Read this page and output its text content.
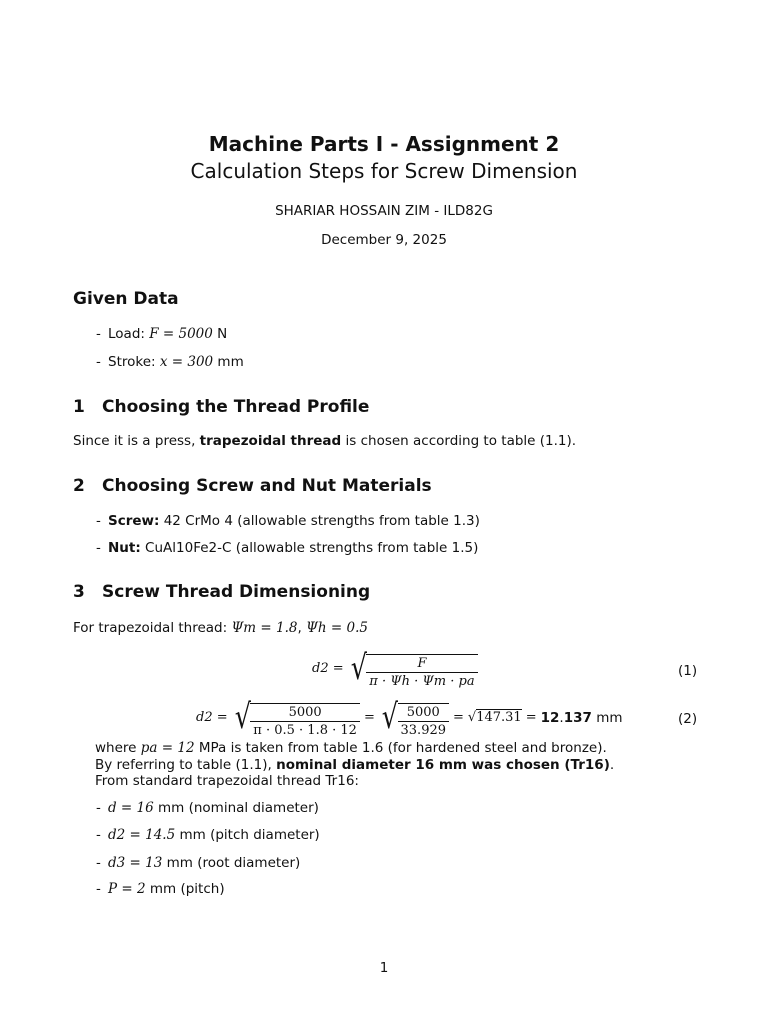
Machine Parts I - Assignment 2
Calculation Steps for Screw Dimension
SHARIAR HOSSAIN ZIM - ILD82G
December 9, 2025
Given Data
- Load: F = 5000 N
- Stroke: x = 300 mm
1 Choosing the Thread Profile
Since it is a press, trapezoidal thread is chosen according to table (1.1).
2 Choosing Screw and Nut Materials
- Screw: 42 CrMo 4 (allowable strengths from table 1.3)
- Nut: CuAl10Fe2-C (allowable strengths from table 1.5)
3 Screw Thread Dimensioning
For trapezoidal thread: Ψm = 1.8, Ψh = 0.5
d2 = √ $\frac{F}{\pi \cdot \Psi h \cdot \Psi m \cdot pa}$	(1)
d2 = √ $\frac{5000}{\pi \cdot 0.5 \cdot 1.8 \cdot 12}$ = √ $\frac{5000}{33.929} = √147.31 = 12.137$ mm	(2)
where pa = 12 MPa is taken from table 1.6 (for hardened steel and bronze).
By referring to table (1.1), nominal diameter 16 mm was chosen (Tr16).
From standard trapezoidal thread Tr16:
- d = 16 mm (nominal diameter)
- d2 = 14.5 mm (pitch diameter)
- d3 = 13 mm (root diameter)
- P = 2 mm (pitch)
1
